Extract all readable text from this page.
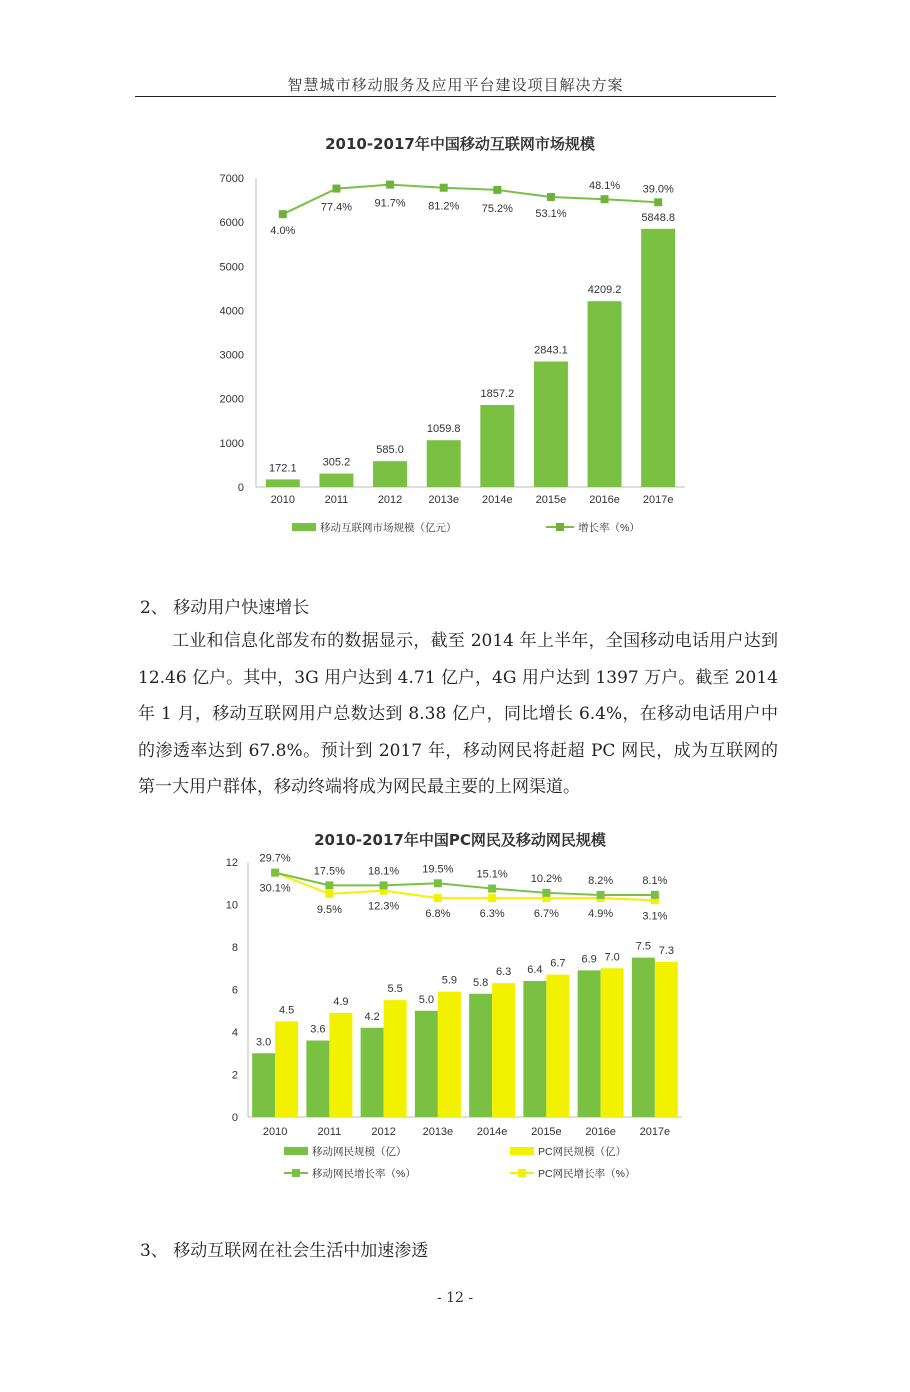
智慧城市移动服务及应用平台建设项目解决方案
2010-2017年中国移动互联网市场规模
0
1000
2000
3000
4000
5000
6000
7000
172.1
2010
305.2
2011
585.0
2012
1059.8
2013e
1857.2
2014e
2843.1
2015e
4209.2
2016e
5848.8
2017e
4.0%
77.4% 91.7% 81.2% 75.2% 53.1%
48.1% 39.0%
移动互联网市场规模（亿元）	增长率（%）
2、 移动用户快速增长
工业和信息化部发布的数据显示，截至 2014 年上半年，全国移动电话用户达到 12.46 亿户。其中，3G 用户达到 4.71 亿户，4G 用户达到 1397 万户。截至 2014 年 1 月，移动互联网用户总数达到 8.38 亿户，同比增长 6.4%，在移动电话用户中的渗透率达到 67.8%。预计到 2017 年，移动网民将赶超 PC 网民，成为互联网的第一大用户群体，移动终端将成为网民最主要的上网渠道。
2010-2017年中国PC网民及移动网民规模
0
2
4
6
8
10
12
3.0
4.5
2010
3.6
4.9
2011
4.2
5.5
2012
5.0
5.9
2013e
5.8
6.3
2014e
6.4
6.7
2015e
6.9 7.0
2016e
7.5 7.3
2017e
30.1%
9.5% 12.3%
6.8%	6.3%	6.7%	4.9%	3.1%
29.7%
17.5% 18.1% 19.5% 15.1% 10.2% 8.2%	8.1%
移动网民规模（亿）	PC网民规模（亿）
移动网民增长率（%）	PC网民增长率（%）
3、 移动互联网在社会生活中加速渗透
- 12 -
